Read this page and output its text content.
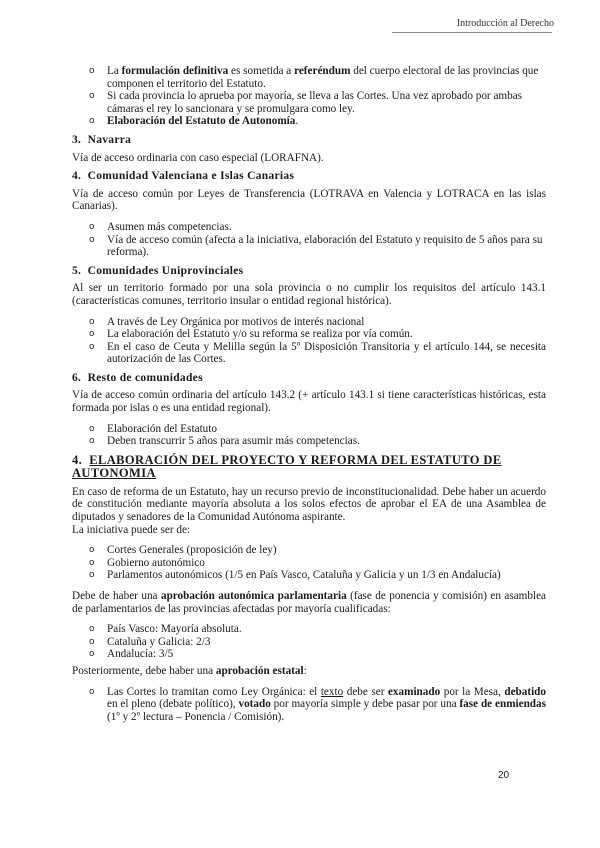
Introducción al Derecho
o La formulación definitiva es sometida a referéndum del cuerpo electoral de las provincias que componen el territorio del Estatuto.
o Si cada provincia lo aprueba por mayoría, se lleva a las Cortes. Una vez aprobado por ambas cámaras el rey lo sancionara y se promulgara como ley.
o Elaboración del Estatuto de Autonomía.
3. Navarra

Vía de acceso ordinaria con caso especial (LORAFNA).

4. Comunidad Valenciana e Islas Canarias

Vía de acceso común por Leyes de Transferencia (LOTRAVA en Valencia y LOTRACA en las islas Canarias).

o Asumen más competencias.
o Vía de acceso común (afecta a la iniciativa, elaboración del Estatuto y requisito de 5 años para su reforma).
5. Comunidades Uniprovinciales

Al ser un territorio formado por una sola provincia o no cumplir los requisitos del artículo 143.1 (características comunes, territorio insular o entidad regional histórica).

o A través de Ley Orgánica por motivos de interés nacional
o La elaboración del Estatuto y/o su reforma se realiza por vía común.
o En el caso de Ceuta y Melilla según la 5º Disposición Transitoria y el artículo 144, se necesita autorización de las Cortes.
6. Resto de comunidades

Vía de acceso común ordinaria del artículo 143.2 (+ artículo 143.1 si tiene características históricas, esta formada por islas o es una entidad regional).

o Elaboración del Estatuto
o Deben transcurrir 5 años para asumir más competencias.
4. ELABORACIÓN DEL PROYECTO Y REFORMA DEL ESTATUTO DE AUTONOMIA

En caso de reforma de un Estatuto, hay un recurso previo de inconstitucionalidad. Debe haber un acuerdo de constitución mediante mayoría absoluta a los solos efectos de aprobar el EA de una Asamblea de diputados y senadores de la Comunidad Autónoma aspirante.

La iniciativa puede ser de:

o Cortes Generales (proposición de ley)
o Gobierno autonómico
o Parlamentos autonómicos (1/5 en País Vasco, Cataluña y Galicia y un 1/3 en Andalucía)

Debe de haber una aprobación autonómica parlamentaria (fase de ponencia y comisión) en asamblea de parlamentarios de las provincias afectadas por mayoría cualificadas:

o País Vasco: Mayoría absoluta.
o Cataluña y Galicia: 2/3
o Andalucía: 3/5

Posteriormente, debe haber una aprobación estatal:

o Las Cortes lo tramitan como Ley Orgánica: el texto debe ser examinado por la Mesa, debatido en el pleno (debate político), votado por mayoría simple y debe pasar por una fase de enmiendas (1º y 2º lectura – Ponencia / Comisión).
20
